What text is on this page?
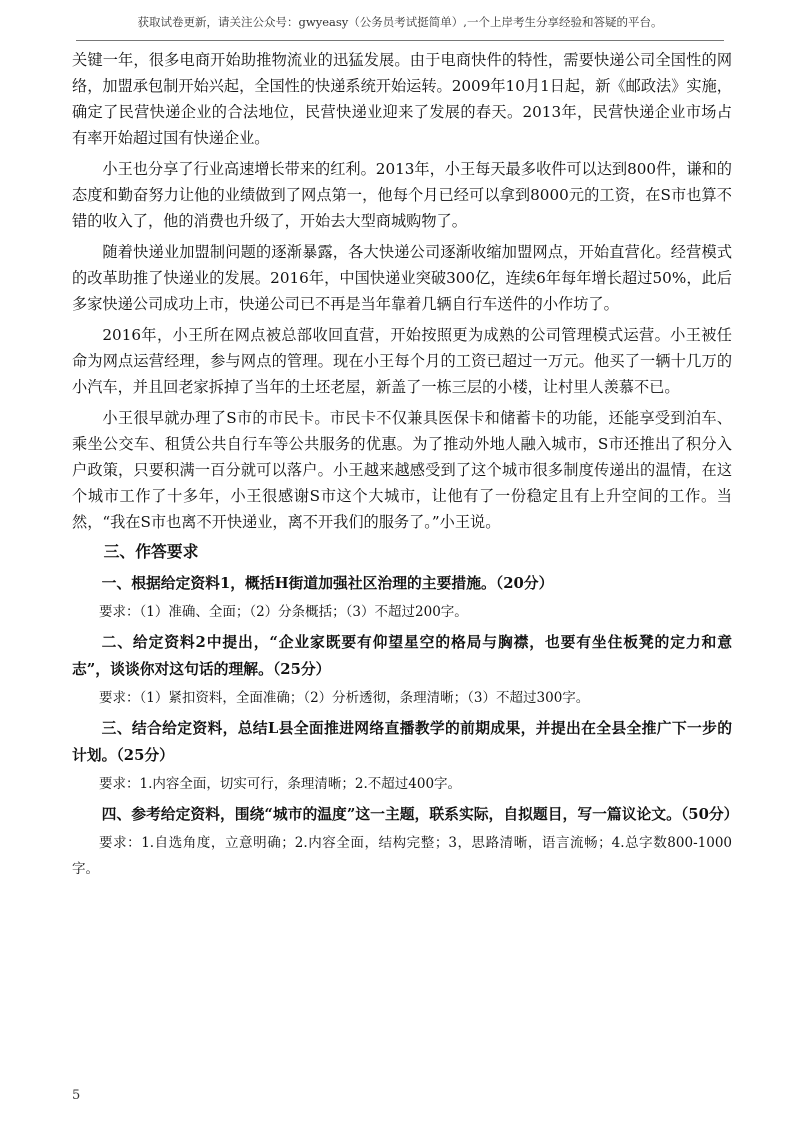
获取试卷更新，请关注公众号：gwyeasy（公务员考试挺简单）,一个上岸考生分享经验和答疑的平台。

关键一年，很多电商开始助推物流业的迅猛发展。由于电商快件的特性，需要快递公司全国性的网络，加盟承包制开始兴起，全国性的快递系统开始运转。2009年10月1日起，新《邮政法》实施，确定了民营快递企业的合法地位，民营快递业迎来了发展的春天。2013年，民营快递企业市场占有率开始超过国有快递企业。

小王也分享了行业高速增长带来的红利。2013年，小王每天最多收件可以达到800件，谦和的态度和勤奋努力让他的业绩做到了网点第一，他每个月已经可以拿到8000元的工资，在S市也算不错的收入了，他的消费也升级了，开始去大型商城购物了。

随着快递业加盟制问题的逐渐暴露，各大快递公司逐渐收缩加盟网点，开始直营化。经营模式的改革助推了快递业的发展。2016年，中国快递业突破300亿，连续6年每年增长超过50%，此后多家快递公司成功上市，快递公司已不再是当年靠着几辆自行车送件的小作坊了。

2016年，小王所在网点被总部收回直营，开始按照更为成熟的公司管理模式运营。小王被任命为网点运营经理，参与网点的管理。现在小王每个月的工资已超过一万元。他买了一辆十几万的小汽车，并且回老家拆掉了当年的土坯老屋，新盖了一栋三层的小楼，让村里人羡慕不已。

小王很早就办理了S市的市民卡。市民卡不仅兼具医保卡和储蓄卡的功能，还能享受到泊车、乘坐公交车、租赁公共自行车等公共服务的优惠。为了推动外地人融入城市，S市还推出了积分入户政策，只要积满一百分就可以落户。小王越来越感受到了这个城市很多制度传递出的温情，在这个城市工作了十多年，小王很感谢S市这个大城市，让他有了一份稳定且有上升空间的工作。当然，“我在S市也离不开快递业，离不开我们的服务了。”小王说。

三、作答要求

一、根据给定资料1，概括H街道加强社区治理的主要措施。（20分）

要求：（1）准确、全面；（2）分条概括；（3）不超过200字。

二、给定资料2中提出，“企业家既要有仰望星空的格局与胸襟，也要有坐住板凳的定力和意志”，谈谈你对这句话的理解。（25分）

要求：（1）紧扣资料，全面准确；（2）分析透彻，条理清晰；（3）不超过300字。

三、结合给定资料，总结L县全面推进网络直播教学的前期成果，并提出在全县全推广下一步的计划。（25分）

要求：1.内容全面，切实可行，条理清晰；2.不超过400字。

四、参考给定资料，围绕“城市的温度”这一主题，联系实际，自拟题目，写一篇议论文。（50分）

要求：1.自选角度，立意明确；2.内容全面，结构完整；3，思路清晰，语言流畅；4.总字数800-1000字。

5
